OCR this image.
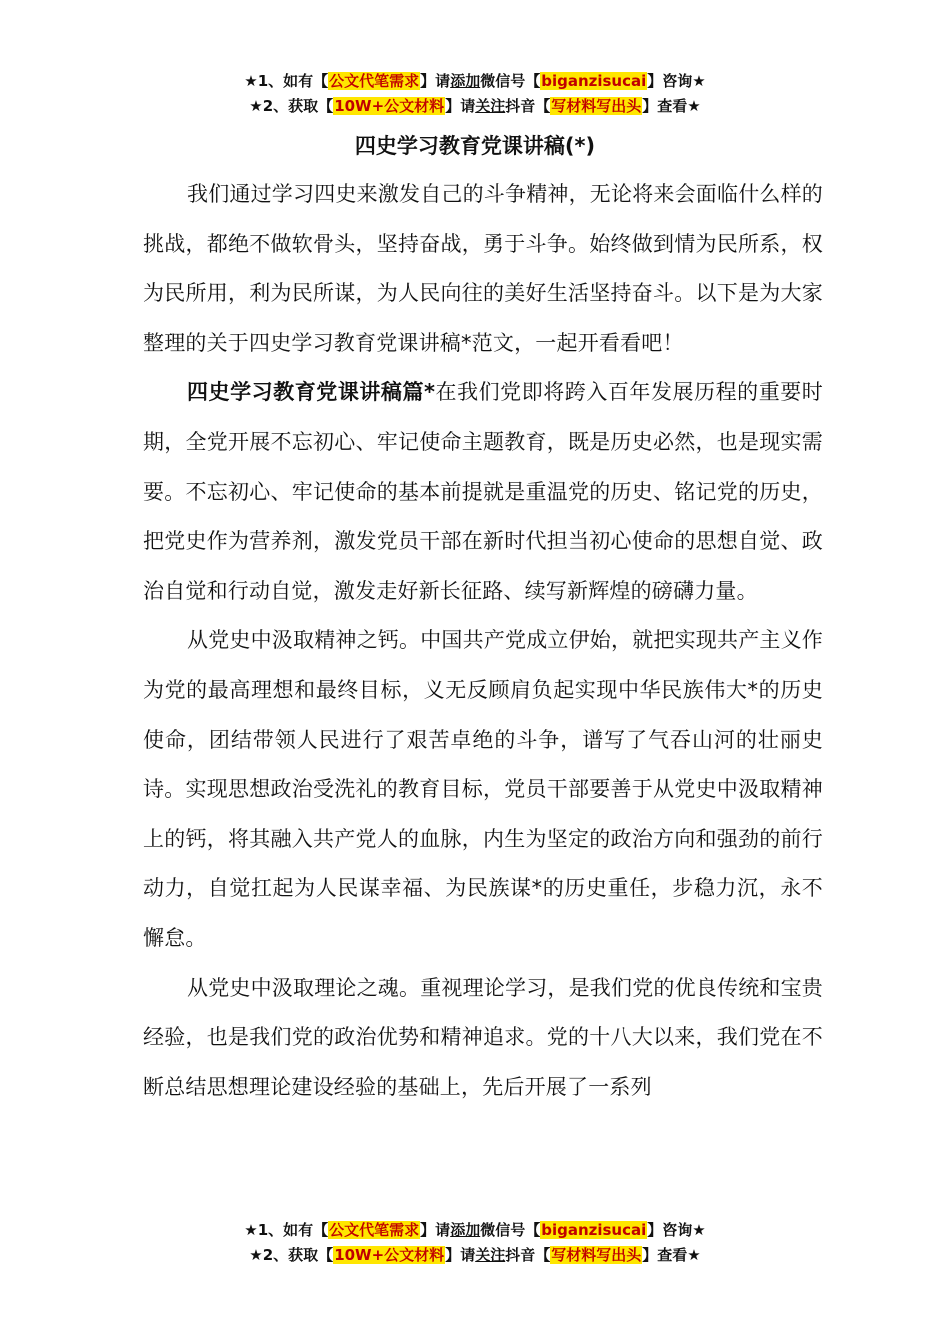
★1、如有【公文代笔需求】请添加微信号【biganzisucai】咨询★
★2、获取【10W+公文材料】请关注抖音【写材料写出头】查看★
四史学习教育党课讲稿(*)

我们通过学习四史来激发自己的斗争精神，无论将来会面临什么样的挑战，都绝不做软骨头，坚持奋战，勇于斗争。始终做到情为民所系，权为民所用，利为民所谋，为人民向往的美好生活坚持奋斗。以下是为大家整理的关于四史学习教育党课讲稿*范文，一起开看看吧！

四史学习教育党课讲稿篇*在我们党即将跨入百年发展历程的重要时期，全党开展不忘初心、牢记使命主题教育，既是历史必然，也是现实需要。不忘初心、牢记使命的基本前提就是重温党的历史、铭记党的历史，把党史作为营养剂，激发党员干部在新时代担当初心使命的思想自觉、政治自觉和行动自觉，激发走好新长征路、续写新辉煌的磅礴力量。

从党史中汲取精神之钙。中国共产党成立伊始，就把实现共产主义作为党的最高理想和最终目标，义无反顾肩负起实现中华民族伟大*的历史使命，团结带领人民进行了艰苦卓绝的斗争，谱写了气吞山河的壮丽史诗。实现思想政治受洗礼的教育目标，党员干部要善于从党史中汲取精神上的钙，将其融入共产党人的血脉，内生为坚定的政治方向和强劲的前行动力，自觉扛起为人民谋幸福、为民族谋*的历史重任，步稳力沉，永不懈怠。

从党史中汲取理论之魂。重视理论学习，是我们党的优良传统和宝贵经验，也是我们党的政治优势和精神追求。党的十八大以来，我们党在不断总结思想理论建设经验的基础上，先后开展了一系列

★1、如有【公文代笔需求】请添加微信号【biganzisucai】咨询★
★2、获取【10W+公文材料】请关注抖音【写材料写出头】查看★
